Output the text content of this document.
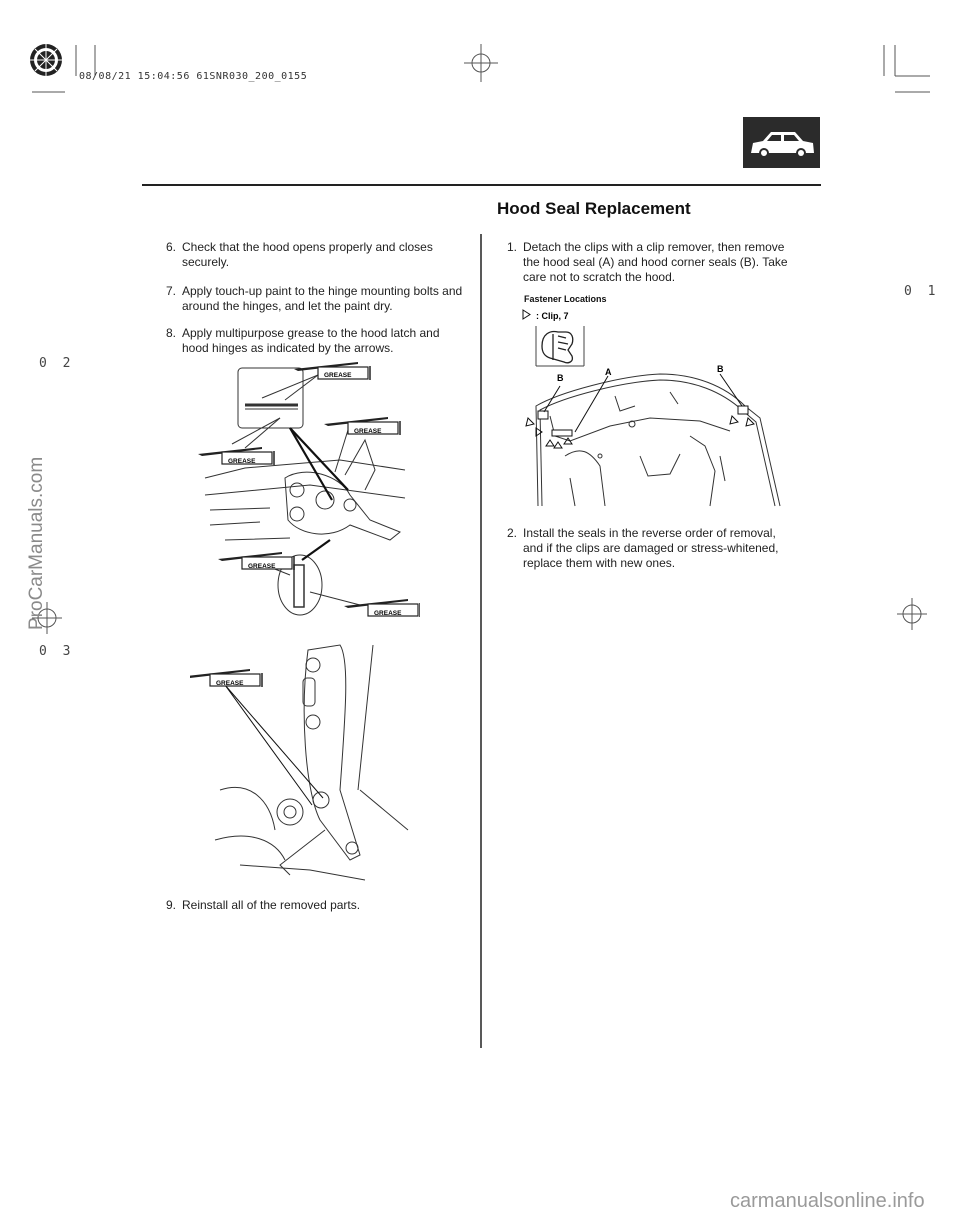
08/08/21 15:04:56 61SNR030_200_0155
0 1
0 2
0 3
Hood Seal Replacement
6. Check that the hood opens properly and closes securely.
7. Apply touch-up paint to the hinge mounting bolts and around the hinges, and let the paint dry.
8. Apply multipurpose grease to the hood latch and hood hinges as indicated by the arrows.
GREASE
GREASE
GREASE
GREASE
GREASE
GREASE
9. Reinstall all of the removed parts.
1. Detach the clips with a clip remover, then remove the hood seal (A) and hood corner seals (B). Take care not to scratch the hood.
Fastener Locations
: Clip, 7
B
A	B
2. Install the seals in the reverse order of removal, and if the clips are damaged or stress-whitened, replace them with new ones.
ProCarManuals.com
carmanualsonline.info
